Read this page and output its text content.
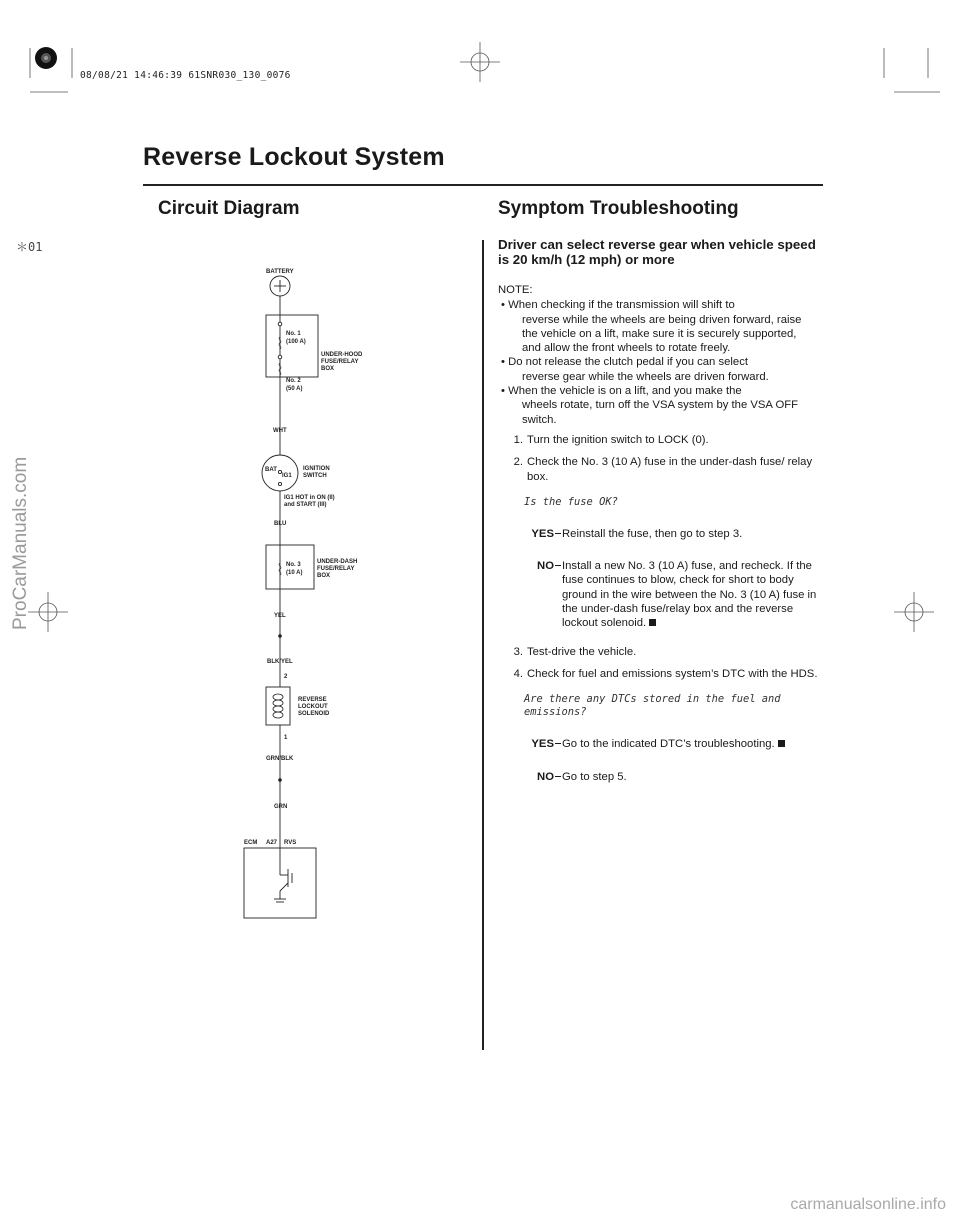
08/08/21 14:46:39 61SNR030_130_0076
Reverse Lockout System
Circuit Diagram	Symptom Troubleshooting
＊01
BATTERY
No. 1
(100 A)
No. 2
(50 A)
UNDER-HOOD
FUSE/RELAY
BOX
WHT
BAT
IG1
IGNITION
SWITCH
IG1 HOT in ON (II)
and START (III)
BLU
No. 3
(10 A)
UNDER-DASH
FUSE/RELAY
BOX
YEL
BLK/YEL
2
REVERSE
LOCKOUT
SOLENOID
1
GRN/BLK
GRN
ECM A27 RVS
Driver can select reverse gear when vehicle speed is 20 km/h (12 mph) or more
NOTE:
• When checking if the transmission will shift to
reverse while the wheels are being driven forward, raise the vehicle on a lift, make sure it is securely supported, and allow the front wheels to rotate freely.
• Do not release the clutch pedal if you can select
reverse gear while the wheels are driven forward.
• When the vehicle is on a lift, and you make the
wheels rotate, turn off the VSA system by the VSA OFF switch.
1. Turn the ignition switch to LOCK (0).
2. Check the No. 3 (10 A) fuse in the under-dash fuse/ relay box.
Is the fuse OK?
YES Reinstall the fuse, then go to step 3.
NO Install a new No. 3 (10 A) fuse, and recheck. If the fuse continues to blow, check for short to body ground in the wire between the No. 3 (10 A) fuse in the under-dash fuse/relay box and the reverse lockout solenoid.
3. Test-drive the vehicle.
4. Check for fuel and emissions system’s DTC with the HDS.
Are there any DTCs stored in the fuel and emissions?
YES Go to the indicated DTC’s troubleshooting.
NO Go to step 5.
ProCarManuals.com
carmanualsonline.info
